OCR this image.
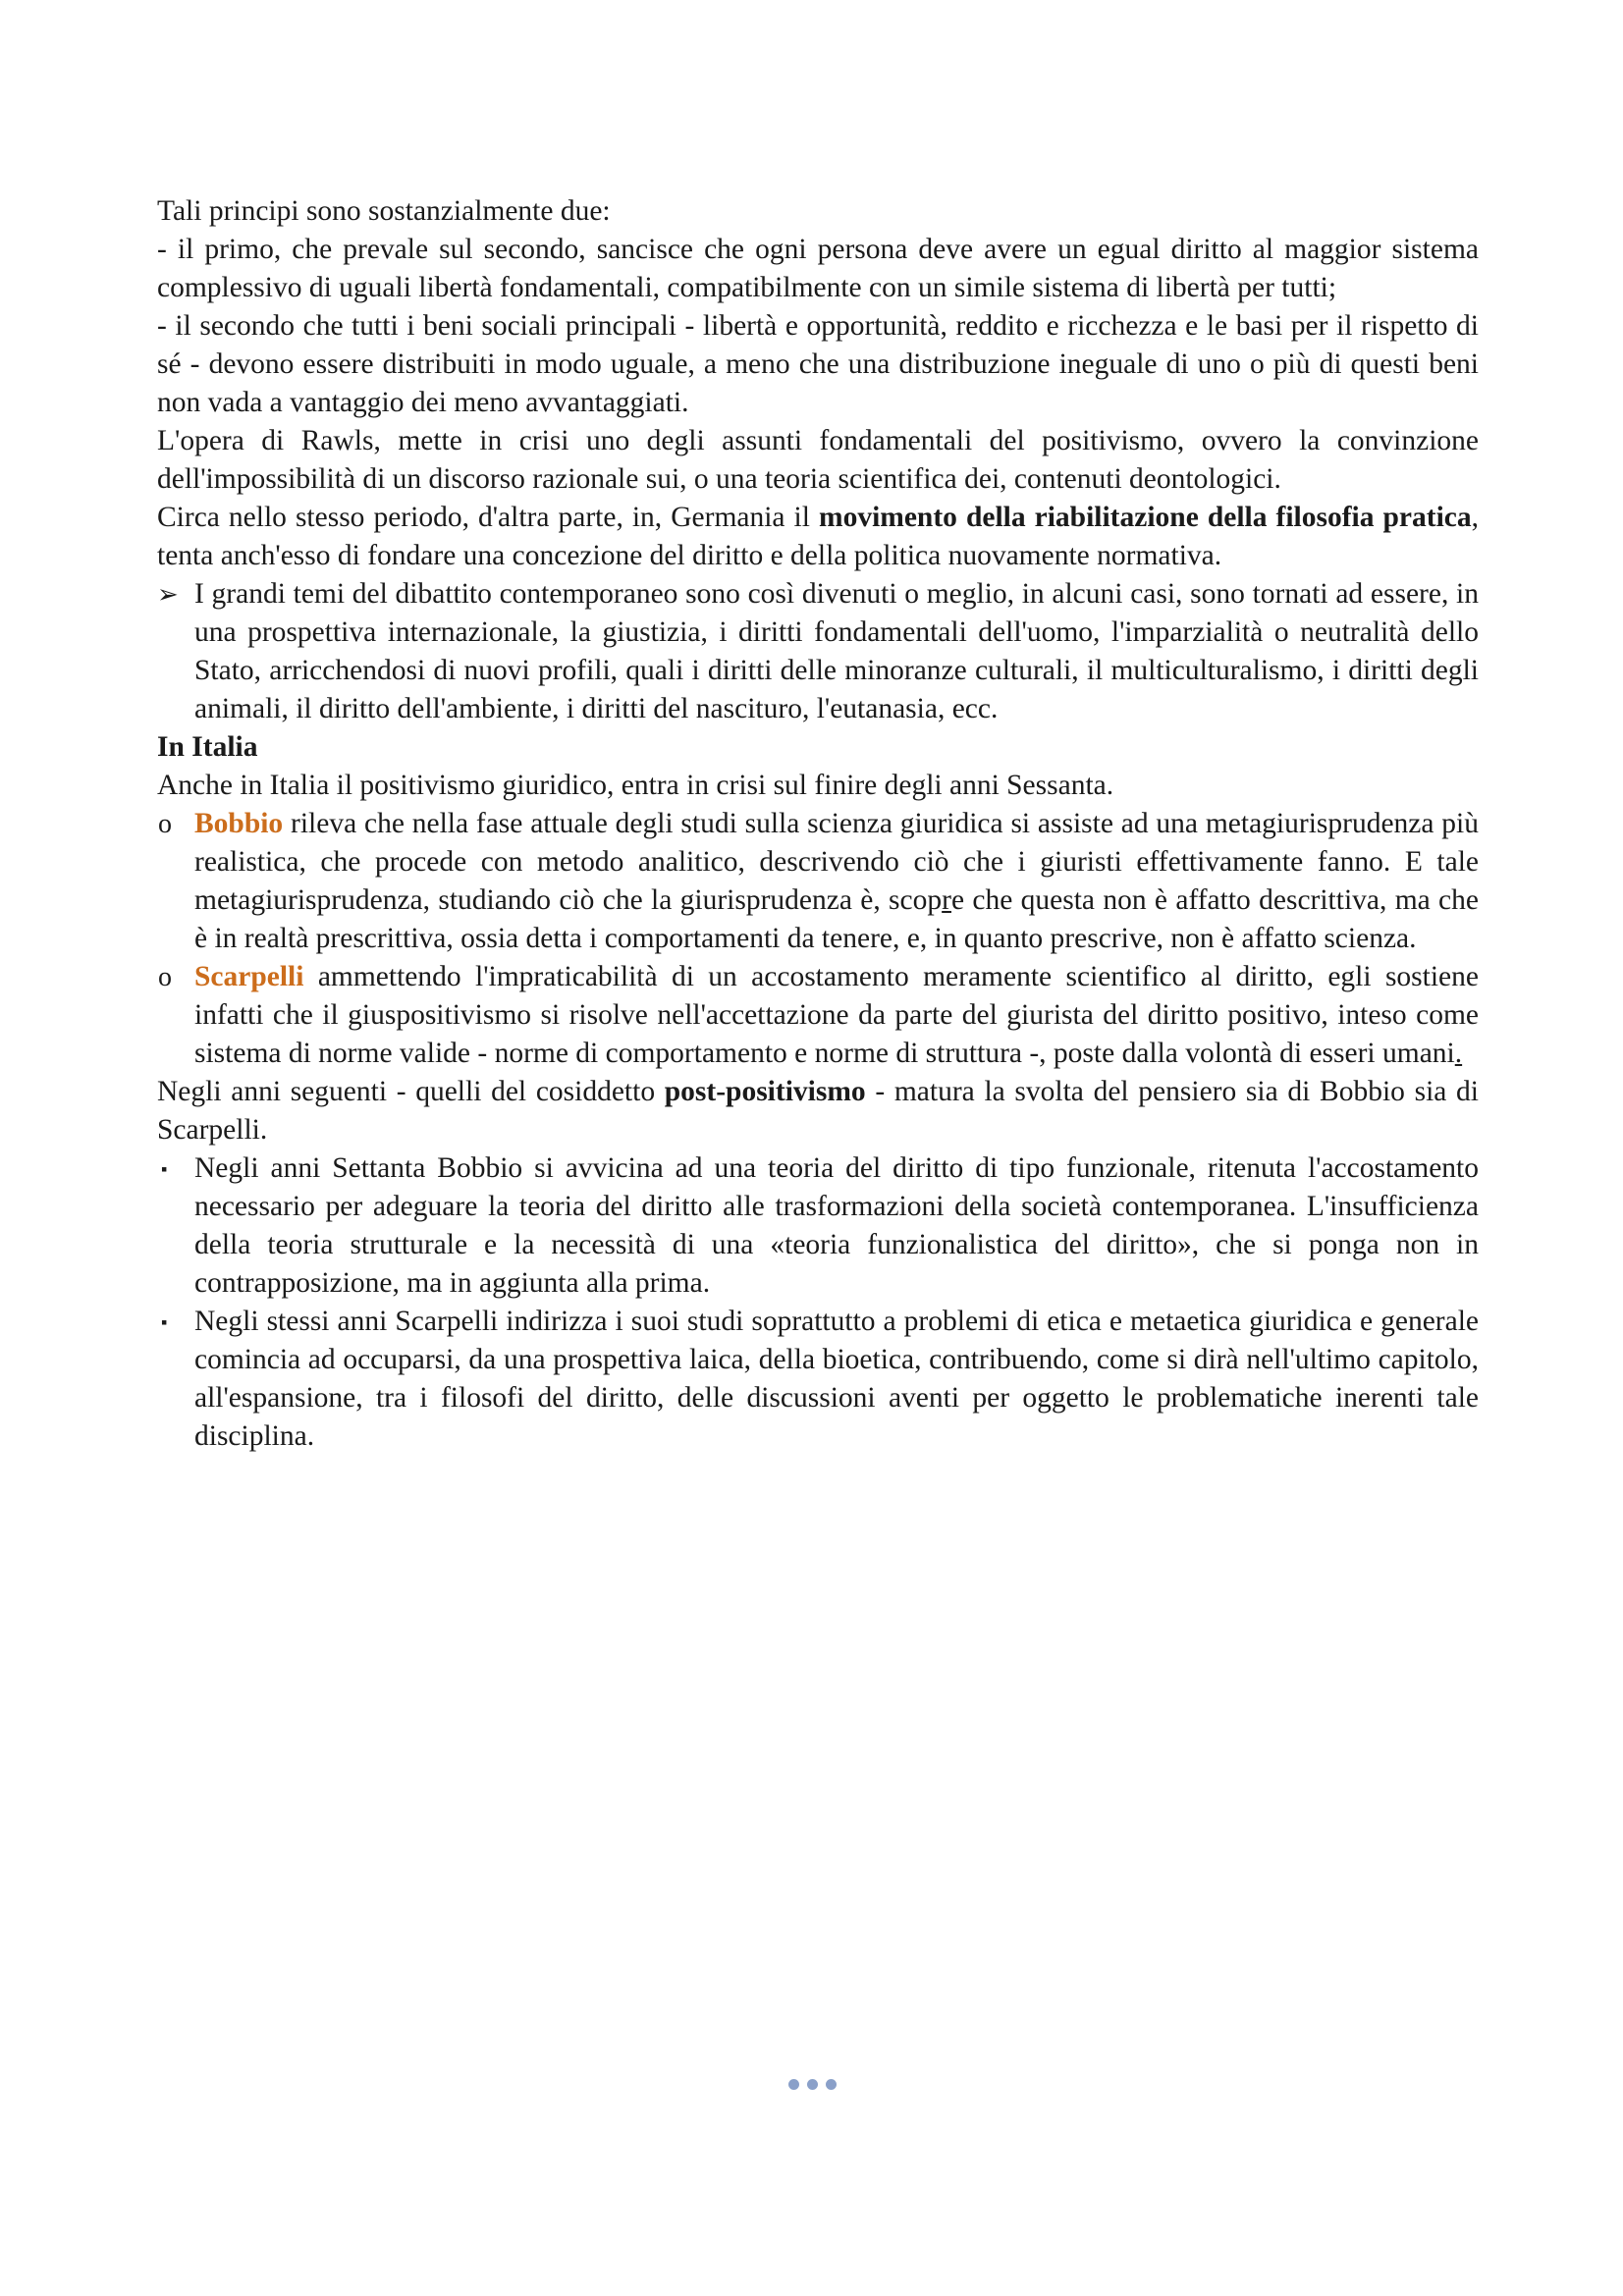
Tali principi sono sostanzialmente due:

- il primo, che prevale sul secondo, sancisce che ogni persona deve avere un egual diritto al maggior sistema complessivo di uguali libertà fondamentali, compatibilmente con un simile sistema di libertà per tutti;

- il secondo che tutti i beni sociali principali - libertà e opportunità, reddito e ricchezza e le basi per il rispetto di sé - devono essere distribuiti in modo uguale, a meno che una distribuzione ineguale di uno o più di questi beni non vada a vantaggio dei meno avvantaggiati.

L'opera di Rawls, mette in crisi uno degli assunti fondamentali del positivismo, ovvero la convinzione dell'impossibilità di un discorso razionale sui, o una teoria scientifica dei, contenuti deontologici.

Circa nello stesso periodo, d'altra parte, in, Germania il movimento della riabilitazione della filosofia pratica, tenta anch'esso di fondare una concezione del diritto e della politica nuovamente normativa.

➢ I grandi temi del dibattito contemporaneo sono così divenuti o meglio, in alcuni casi, sono tornati ad essere, in una prospettiva internazionale, la giustizia, i diritti fondamentali dell'uomo, l'imparzialità o neutralità dello Stato, arricchendosi di nuovi profili, quali i diritti delle minoranze culturali, il multiculturalismo, i diritti degli animali, il diritto dell'ambiente, i diritti del nascituro, l'eutanasia, ecc.

In Italia

Anche in Italia il positivismo giuridico, entra in crisi sul finire degli anni Sessanta.

o Bobbio rileva che nella fase attuale degli studi sulla scienza giuridica si assiste ad una metagiurisprudenza più realistica, che procede con metodo analitico, descrivendo ciò che i giuristi effettivamente fanno. E tale metagiurisprudenza, studiando ciò che la giurisprudenza è, scopre che questa non è affatto descrittiva, ma che è in realtà prescrittiva, ossia detta i comportamenti da tenere, e, in quanto prescrive, non è affatto scienza.
o Scarpelli ammettendo l'impraticabilità di un accostamento meramente scientifico al diritto, egli sostiene infatti che il giuspositivismo si risolve nell'accettazione da parte del giurista del diritto positivo, inteso come sistema di norme valide - norme di comportamento e norme di struttura -, poste dalla volontà di esseri umani.

Negli anni seguenti - quelli del cosiddetto post-positivismo - matura la svolta del pensiero sia di Bobbio sia di Scarpelli.

▪ Negli anni Settanta Bobbio si avvicina ad una teoria del diritto di tipo funzionale, ritenuta l'accostamento necessario per adeguare la teoria del diritto alle trasformazioni della società contemporanea. L'insufficienza della teoria strutturale e la necessità di una «teoria funzionalistica del diritto», che si ponga non in contrapposizione, ma in aggiunta alla prima.
▪ Negli stessi anni Scarpelli indirizza i suoi studi soprattutto a problemi di etica e metaetica giuridica e generale comincia ad occuparsi, da una prospettiva laica, della bioetica, contribuendo, come si dirà nell'ultimo capitolo, all'espansione, tra i filosofi del diritto, delle discussioni aventi per oggetto le problematiche inerenti tale disciplina.
